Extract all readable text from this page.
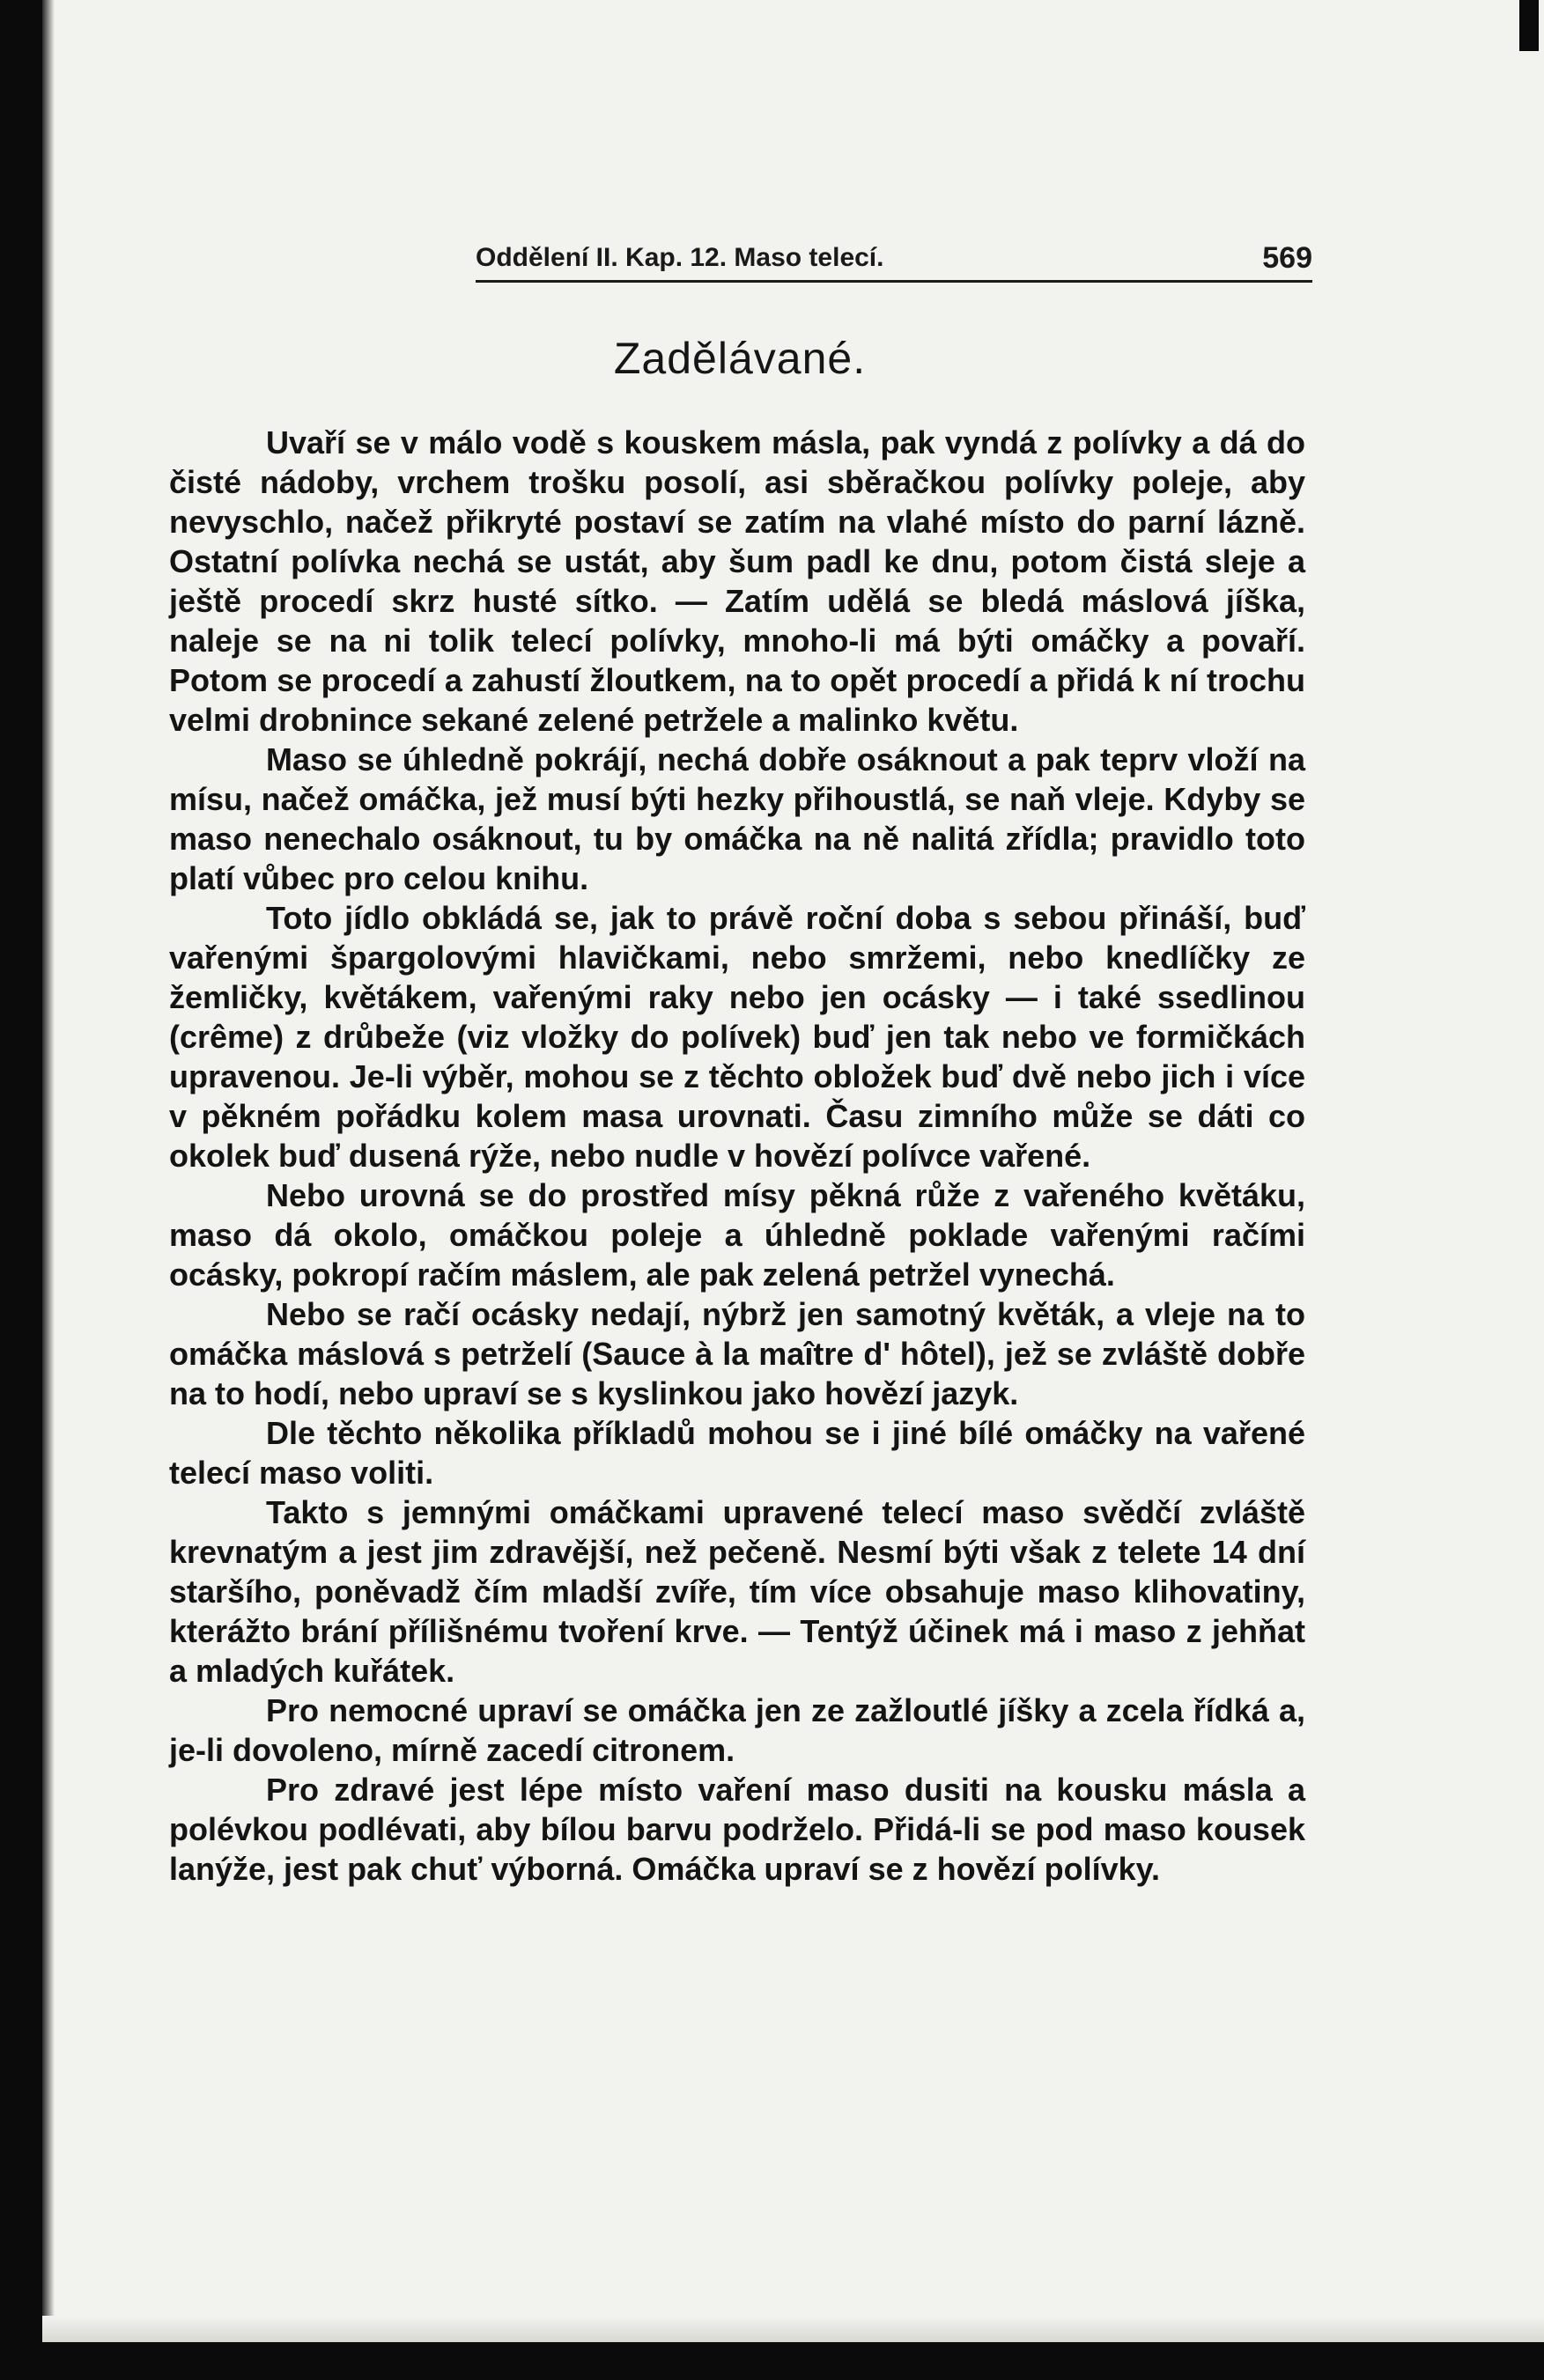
Oddělení II. Kap. 12. Maso telecí.	569
Zadělávané.

Uvaří se v málo vodě s kouskem másla, pak vyndá z polívky a dá do čisté nádoby, vrchem trošku posolí, asi sběračkou polívky poleje, aby nevyschlo, načež přikryté postaví se zatím na vlahé místo do parní lázně. Ostatní polívka nechá se ustát, aby šum padl ke dnu, potom čistá sleje a ještě procedí skrz husté sítko. — Zatím udělá se bledá máslová jíška, naleje se na ni tolik telecí polívky, mnoho-li má býti omáčky a povaří. Potom se procedí a zahustí žloutkem, na to opět procedí a přidá k ní trochu velmi drobnince sekané zelené petržele a malinko květu.

Maso se úhledně pokrájí, nechá dobře osáknout a pak teprv vloží na mísu, načež omáčka, jež musí býti hezky přihoustlá, se naň vleje. Kdyby se maso nenechalo osáknout, tu by omáčka na ně nalitá zřídla; pravidlo toto platí vůbec pro celou knihu.

Toto jídlo obkládá se, jak to právě roční doba s sebou přináší, buď vařenými špargolovými hlavičkami, nebo smržemi, nebo knedlíčky ze žemličky, květákem, vařenými raky nebo jen ocásky — i také ssedlinou (crême) z drůbeže (viz vložky do polívek) buď jen tak nebo ve formičkách upravenou. Je-li výběr, mohou se z těchto obložek buď dvě nebo jich i více v pěkném pořádku kolem masa urovnati. Času zimního může se dáti co okolek buď dusená rýže, nebo nudle v hovězí polívce vařené.

Nebo urovná se do prostřed mísy pěkná růže z vařeného květáku, maso dá okolo, omáčkou poleje a úhledně poklade vařenými račími ocásky, pokropí račím máslem, ale pak zelená petržel vynechá.

Nebo se račí ocásky nedají, nýbrž jen samotný květák, a vleje na to omáčka máslová s petrželí (Sauce à la maître d' hôtel), jež se zvláště dobře na to hodí, nebo upraví se s kyslinkou jako hovězí jazyk.

Dle těchto několika příkladů mohou se i jiné bílé omáčky na vařené telecí maso voliti.

Takto s jemnými omáčkami upravené telecí maso svědčí zvláště krevnatým a jest jim zdravější, než pečeně. Nesmí býti však z telete 14 dní staršího, poněvadž čím mladší zvíře, tím více obsahuje maso klihovatiny, kterážto brání přílišnému tvoření krve. — Tentýž účinek má i maso z jehňat a mladých kuřátek.

Pro nemocné upraví se omáčka jen ze zažloutlé jíšky a zcela řídká a, je-li dovoleno, mírně zacedí citronem.

Pro zdravé jest lépe místo vaření maso dusiti na kousku másla a polévkou podlévati, aby bílou barvu podrželo. Přidá-li se pod maso kousek lanýže, jest pak chuť výborná. Omáčka upraví se z hovězí polívky.
